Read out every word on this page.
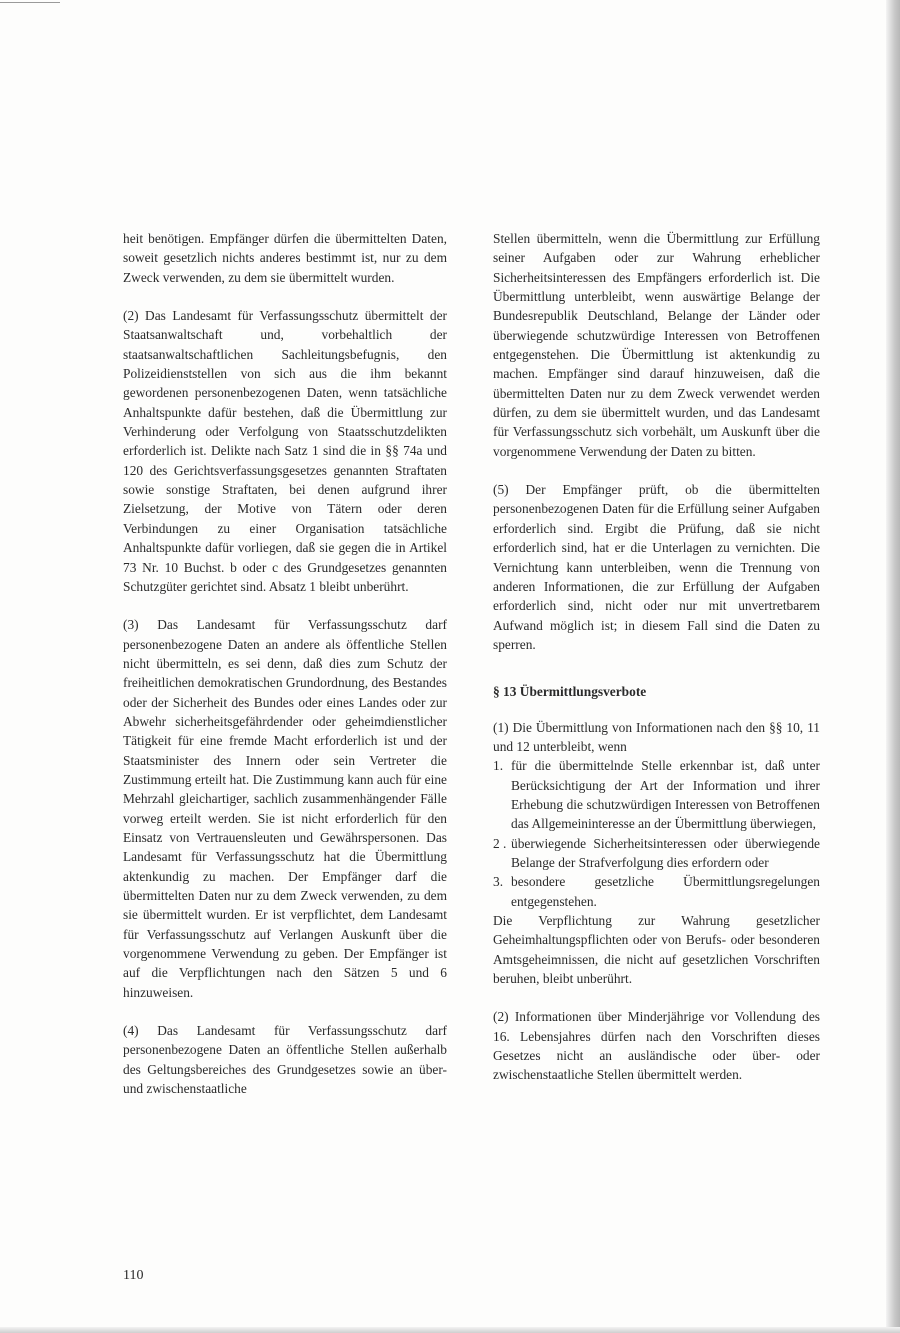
heit benötigen. Empfänger dürfen die übermittelten Daten, soweit gesetzlich nichts anderes bestimmt ist, nur zu dem Zweck verwenden, zu dem sie übermittelt wurden.

(2) Das Landesamt für Verfassungsschutz übermittelt der Staatsanwaltschaft und, vorbehaltlich der staatsanwaltschaftlichen Sachleitungsbefugnis, den Polizeidienststellen von sich aus die ihm bekannt gewordenen personenbezogenen Daten, wenn tatsächliche Anhaltspunkte dafür bestehen, daß die Übermittlung zur Verhinderung oder Verfolgung von Staatsschutzdelikten erforderlich ist. Delikte nach Satz 1 sind die in §§ 74a und 120 des Gerichtsverfassungsgesetzes genannten Straftaten sowie sonstige Straftaten, bei denen aufgrund ihrer Zielsetzung, der Motive von Tätern oder deren Verbindungen zu einer Organisation tatsächliche Anhaltspunkte dafür vorliegen, daß sie gegen die in Artikel 73 Nr. 10 Buchst. b oder c des Grundgesetzes genannten Schutzgüter gerichtet sind. Absatz 1 bleibt unberührt.

(3) Das Landesamt für Verfassungsschutz darf personenbezogene Daten an andere als öffentliche Stellen nicht übermitteln, es sei denn, daß dies zum Schutz der freiheitlichen demokratischen Grundordnung, des Bestandes oder der Sicherheit des Bundes oder eines Landes oder zur Abwehr sicherheitsgefährdender oder geheimdienstlicher Tätigkeit für eine fremde Macht erforderlich ist und der Staatsminister des Innern oder sein Vertreter die Zustimmung erteilt hat. Die Zustimmung kann auch für eine Mehrzahl gleichartiger, sachlich zusammenhängender Fälle vorweg erteilt werden. Sie ist nicht erforderlich für den Einsatz von Vertrauensleuten und Gewährspersonen. Das Landesamt für Verfassungsschutz hat die Übermittlung aktenkundig zu machen. Der Empfänger darf die übermittelten Daten nur zu dem Zweck verwenden, zu dem sie übermittelt wurden. Er ist verpflichtet, dem Landesamt für Verfassungsschutz auf Verlangen Auskunft über die vorgenommene Verwendung zu geben. Der Empfänger ist auf die Verpflichtungen nach den Sätzen 5 und 6 hinzuweisen.

(4) Das Landesamt für Verfassungsschutz darf personenbezogene Daten an öffentliche Stellen außerhalb des Geltungsbereiches des Grundgesetzes sowie an über- und zwischenstaatliche

Stellen übermitteln, wenn die Übermittlung zur Erfüllung seiner Aufgaben oder zur Wahrung erheblicher Sicherheitsinteressen des Empfängers erforderlich ist. Die Übermittlung unterbleibt, wenn auswärtige Belange der Bundesrepublik Deutschland, Belange der Länder oder überwiegende schutzwürdige Interessen von Betroffenen entgegenstehen. Die Übermittlung ist aktenkundig zu machen. Empfänger sind darauf hinzuweisen, daß die übermittelten Daten nur zu dem Zweck verwendet werden dürfen, zu dem sie übermittelt wurden, und das Landesamt für Verfassungsschutz sich vorbehält, um Auskunft über die vorgenommene Verwendung der Daten zu bitten.

(5) Der Empfänger prüft, ob die übermittelten personenbezogenen Daten für die Erfüllung seiner Aufgaben erforderlich sind. Ergibt die Prüfung, daß sie nicht erforderlich sind, hat er die Unterlagen zu vernichten. Die Vernichtung kann unterbleiben, wenn die Trennung von anderen Informationen, die zur Erfüllung der Aufgaben erforderlich sind, nicht oder nur mit unvertretbarem Aufwand möglich ist; in diesem Fall sind die Daten zu sperren.

§ 13 Übermittlungsverbote

(1) Die Übermittlung von Informationen nach den §§ 10, 11 und 12 unterbleibt, wenn

1. für die übermittelnde Stelle erkennbar ist, daß unter Berücksichtigung der Art der Information und ihrer Erhebung die schutzwürdigen Interessen von Betroffenen das Allgemeininteresse an der Übermittlung überwiegen,
2 . überwiegende Sicherheitsinteressen oder überwiegende Belange der Strafverfolgung dies erfordern oder
3. besondere gesetzliche Übermittlungsregelungen entgegenstehen.

Die Verpflichtung zur Wahrung gesetzlicher Geheimhaltungspflichten oder von Berufs- oder besonderen Amtsgeheimnissen, die nicht auf gesetzlichen Vorschriften beruhen, bleibt unberührt.

(2) Informationen über Minderjährige vor Vollendung des 16. Lebensjahres dürfen nach den Vorschriften dieses Gesetzes nicht an ausländische oder über- oder zwischenstaatliche Stellen übermittelt werden.

110
